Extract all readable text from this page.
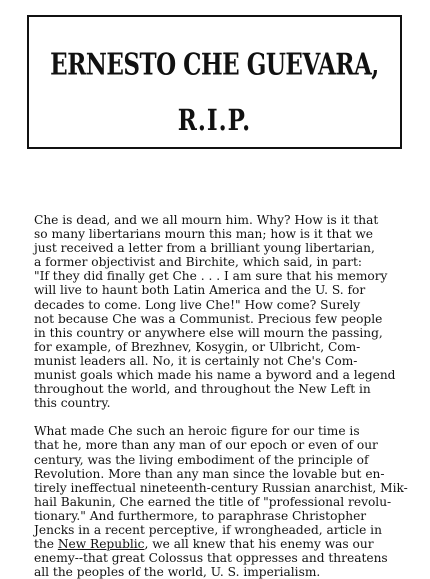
ERNESTO CHE GUEVARA,
R.I.P.
Che is dead, and we all mourn him. Why? How is it that
so many libertarians mourn this man; how is it that we
just received a letter from a brilliant young libertarian,
a former objectivist and Birchite, which said, in part:
"If they did finally get Che . . . I am sure that his memory
will live to haunt both Latin America and the U. S. for
decades to come. Long live Che!" How come? Surely
not because Che was a Communist. Precious few people
in this country or anywhere else will mourn the passing,
for example, of Brezhnev, Kosygin, or Ulbricht, Com-
munist leaders all. No, it is certainly not Che's Com-
munist goals which made his name a byword and a legend
throughout the world, and throughout the New Left in
this country.
What made Che such an heroic figure for our time is
that he, more than any man of our epoch or even of our
century, was the living embodiment of the principle of
Revolution. More than any man since the lovable but en-
tirely ineffectual nineteenth-century Russian anarchist, Mik-
hail Bakunin, Che earned the title of "professional revolu-
tionary." And furthermore, to paraphrase Christopher
Jencks in a recent perceptive, if wrongheaded, article in
the New Republic, we all knew that his enemy was our
enemy--that great Colossus that oppresses and threatens
all the peoples of the world, U. S. imperialism.
